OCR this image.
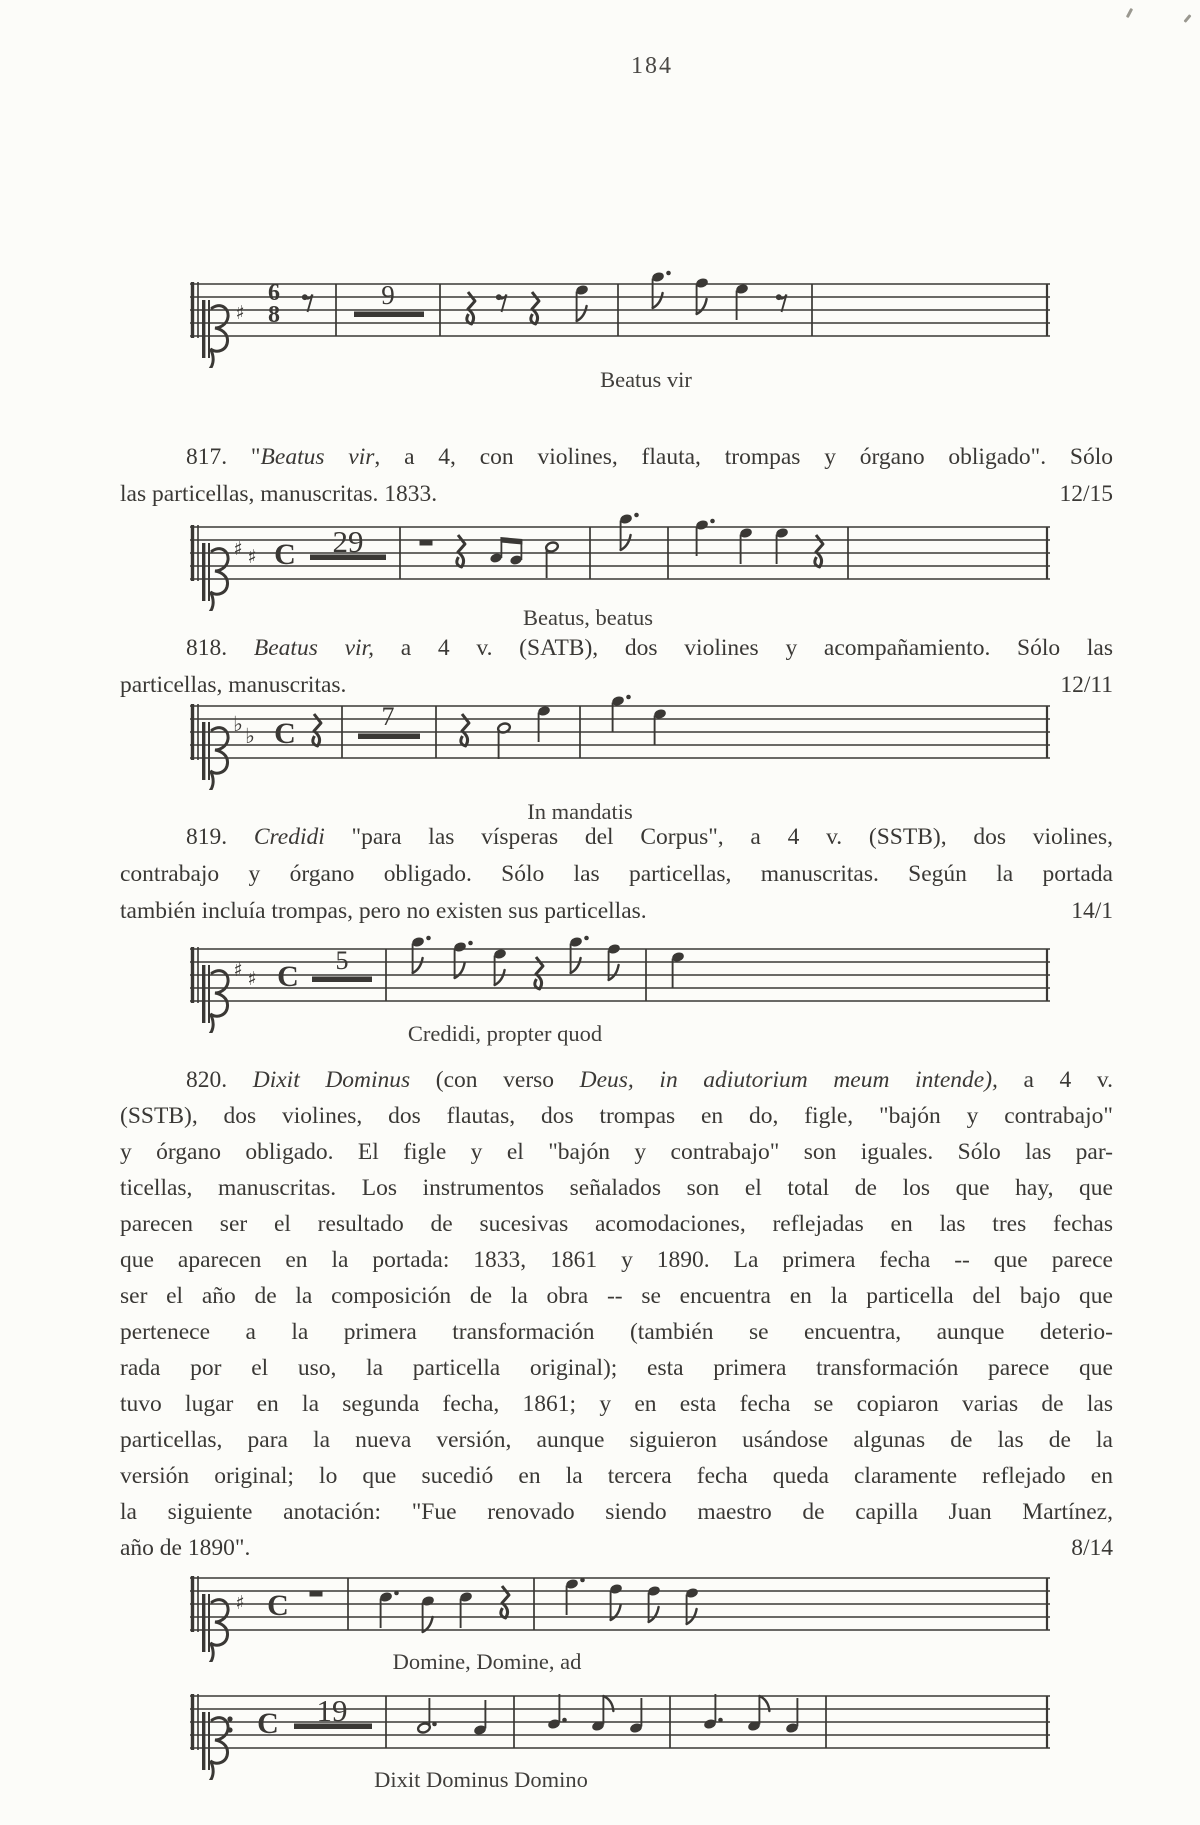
184
♯
6
8
9
Beatus vir
817. "Beatus vir, a 4, con violines, flauta, trompas y órgano obligado". Sólo
las particellas, manuscritas. 1833.	12/15
♯ ♯ C 29
Beatus, beatus
818. Beatus vir, a 4 v. (SATB), dos violines y acompañamiento. Sólo las
particellas, manuscritas.	12/11
♭ ♭ C
7
In mandatis
819. Credidi "para las vísperas del Corpus", a 4 v. (SSTB), dos violines,
contrabajo y órgano obligado. Sólo las particellas, manuscritas. Según la portada
también incluía trompas, pero no existen sus particellas.	14/1
♯ ♯ C 5
Credidi, propter quod
820. Dixit Dominus (con verso Deus, in adiutorium meum intende), a 4 v.
(SSTB), dos violines, dos flautas, dos trompas en do, figle, "bajón y contrabajo"
y órgano obligado. El figle y el "bajón y contrabajo" son iguales. Sólo las par-
ticellas, manuscritas. Los instrumentos señalados son el total de los que hay, que
parecen ser el resultado de sucesivas acomodaciones, reflejadas en las tres fechas
que aparecen en la portada: 1833, 1861 y 1890. La primera fecha -- que parece
ser el año de la composición de la obra -- se encuentra en la particella del bajo que
pertenece a la primera transformación (también se encuentra, aunque deterio-
rada por el uso, la particella original); esta primera transformación parece que
tuvo lugar en la segunda fecha, 1861; y en esta fecha se copiaron varias de las
particellas, para la nueva versión, aunque siguieron usándose algunas de las de la
versión original; lo que sucedió en la tercera fecha queda claramente reflejado en
la siguiente anotación: "Fue renovado siendo maestro de capilla Juan Martínez,
año de 1890".	8/14
♯ C
Domine, Domine, ad
C 19
Dixit Dominus Domino
